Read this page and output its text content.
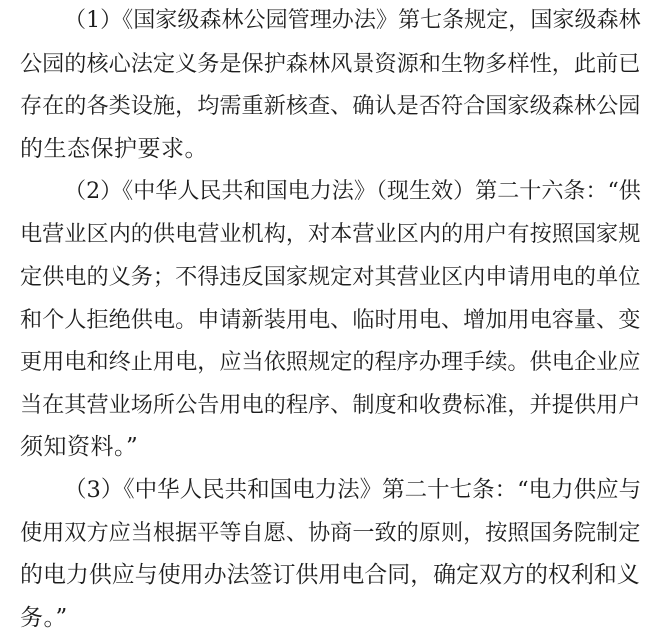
（1）《国家级森林公园管理办法》第七条规定，国家级森林
公园的核心法定义务是保护森林风景资源和生物多样性，此前已
存在的各类设施，均需重新核查、确认是否符合国家级森林公园
的生态保护要求。
（2）《中华人民共和国电力法》（现生效）第二十六条：“供
电营业区内的供电营业机构，对本营业区内的用户有按照国家规
定供电的义务；不得违反国家规定对其营业区内申请用电的单位
和个人拒绝供电。申请新装用电、临时用电、增加用电容量、变
更用电和终止用电，应当依照规定的程序办理手续。供电企业应
当在其营业场所公告用电的程序、制度和收费标准，并提供用户
须知资料。”
（3）《中华人民共和国电力法》第二十七条：“电力供应与
使用双方应当根据平等自愿、协商一致的原则，按照国务院制定
的电力供应与使用办法签订供用电合同，确定双方的权利和义
务。”
